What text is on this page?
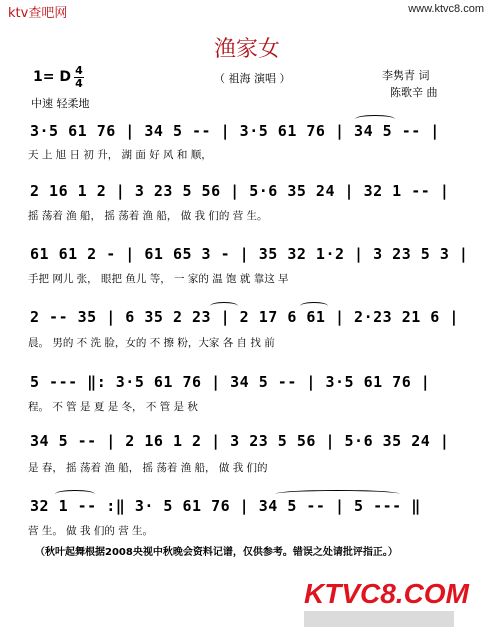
ktv查吧网	www.ktvc8.com
渔家女
1= D 4
4	（ 祖海 演唱 ）	李隽青 词
陈歌辛 曲
中速 轻柔地
3·5 61 76 | 34 5 -- | 3·5 61 76 | 34 5 -- |
天 上 旭 日 初 升， 湖 面 好 风 和 顺，
2 16 1 2 | 3 23 5 56 | 5·6 35 24 | 32 1 -- |
摇 荡着 渔 船， 摇 荡着 渔 船， 做 我 们的 营 生。
61 61 2 - | 61 65 3 - | 35 32 1·2 | 3 23 5 3 |
手把 网儿 张， 眼把 鱼儿 等， 一 家的 温 饱 就 靠这 早
2 -- 35 | 6 35 2 23 | 2 17 6 61 | 2·23 21 6 |
晨。 男的 不 洗 脸，女的 不 擦 粉，大家 各 自 找 前
5 --- ‖: 3·5 61 76 | 34 5 -- | 3·5 61 76 |
程。 不 管 是 夏 是 冬， 不 管 是 秋
34 5 -- | 2 16 1 2 | 3 23 5 56 | 5·6 35 24 |
是 春， 摇 荡着 渔 船， 摇 荡着 渔 船， 做 我 们的
32 1 -- :‖ 3· 5 61 76 | 34 5 -- | 5 --- ‖
营 生。 做 我 们的 营 生。
（秋叶起舞根据2008央视中秋晚会资料记谱，仅供参考。错误之处请批评指正。）
KTVC8.COM
